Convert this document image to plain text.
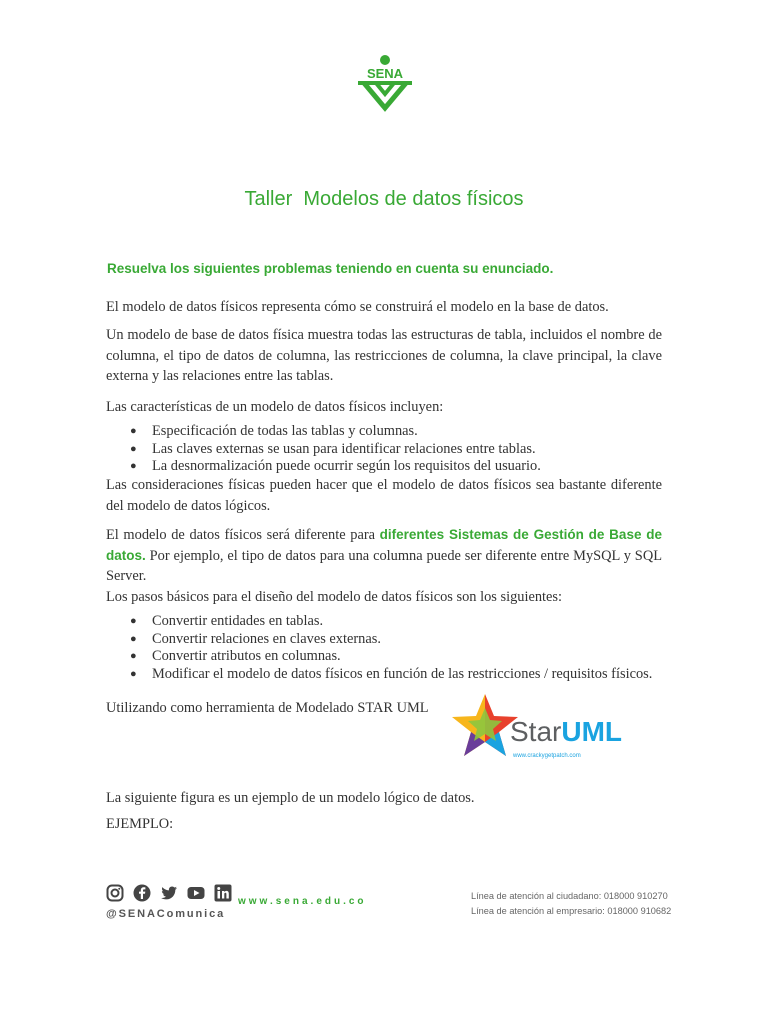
SENA
Taller  Modelos de datos físicos
Resuelva los siguientes problemas teniendo en cuenta su enunciado.

El modelo de datos físicos representa cómo se construirá el modelo en la base de datos.

Un modelo de base de datos física muestra todas las estructuras de tabla, incluidos el nombre de columna, el tipo de datos de columna, las restricciones de columna, la clave principal, la clave externa y las relaciones entre las tablas.

Las características de un modelo de datos físicos incluyen:

● Especificación de todas las tablas y columnas.
● Las claves externas se usan para identificar relaciones entre tablas.
● La desnormalización puede ocurrir según los requisitos del usuario.

Las consideraciones físicas pueden hacer que el modelo de datos físicos sea bastante diferente del modelo de datos lógicos.

El modelo de datos físicos será diferente para diferentes Sistemas de Gestión de Base de datos. Por ejemplo, el tipo de datos para una columna puede ser diferente entre MySQL y SQL Server.

Los pasos básicos para el diseño del modelo de datos físicos son los siguientes:

● Convertir entidades en tablas.
● Convertir relaciones en claves externas.
● Convertir atributos en columnas.
● Modificar el modelo de datos físicos en función de las restricciones / requisitos físicos.

Utilizando como herramienta de Modelado STAR UML

StarUML
www.crackygetpatch.com

La siguiente figura es un ejemplo de un modelo lógico de datos.

EJEMPLO:

@SENAComunica
www.sena.edu.co	Línea de atención al ciudadano: 018000 910270
Línea de atención al empresario: 018000 910682
